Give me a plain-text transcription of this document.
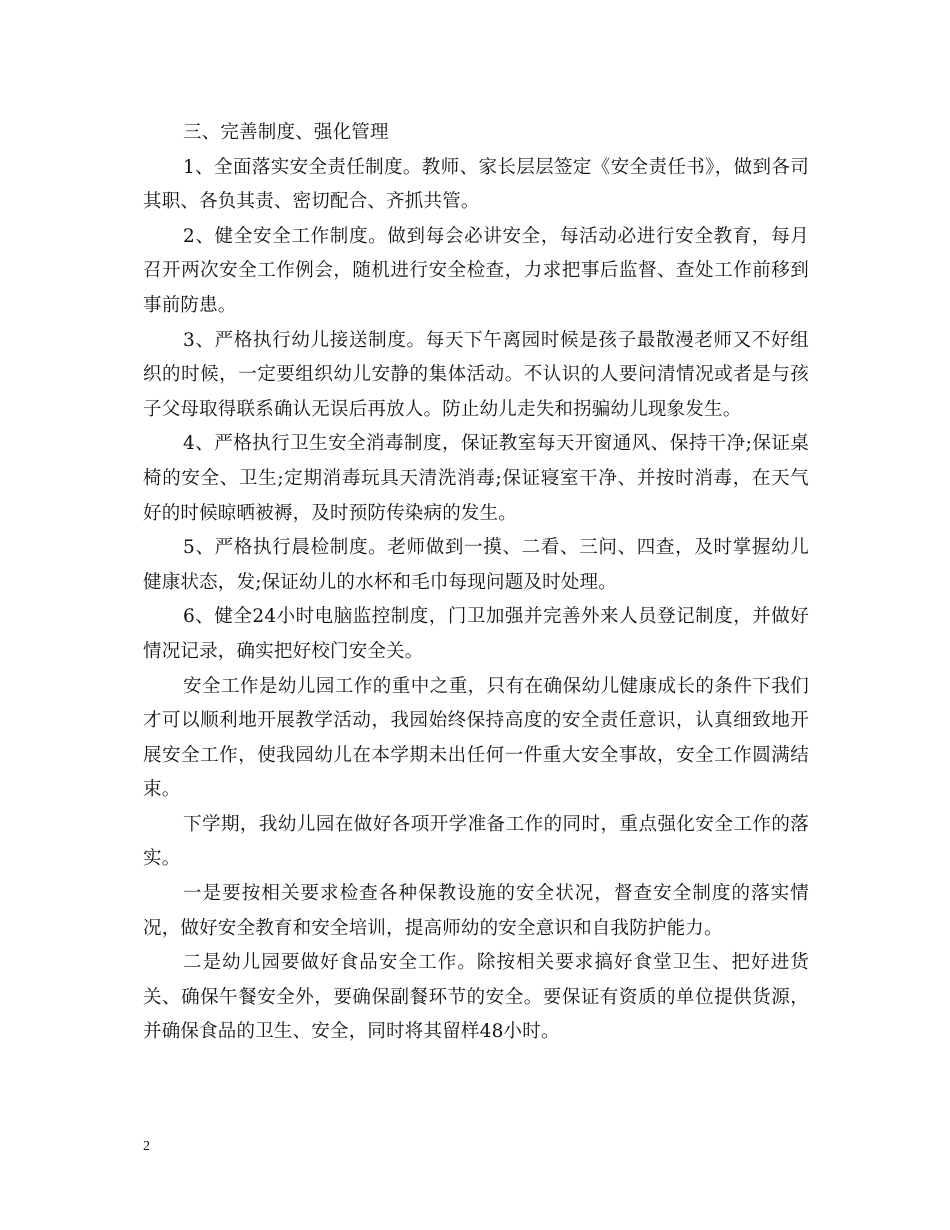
三、完善制度、强化管理

1、全面落实安全责任制度。教师、家长层层签定《安全责任书》，做到各司其职、各负其责、密切配合、齐抓共管。

2、健全安全工作制度。做到每会必讲安全，每活动必进行安全教育，每月召开两次安全工作例会，随机进行安全检查，力求把事后监督、查处工作前移到事前防患。

3、严格执行幼儿接送制度。每天下午离园时候是孩子最散漫老师又不好组织的时候，一定要组织幼儿安静的集体活动。不认识的人要问清情况或者是与孩子父母取得联系确认无误后再放人。防止幼儿走失和拐骗幼儿现象发生。

4、严格执行卫生安全消毒制度，保证教室每天开窗通风、保持干净;保证桌椅的安全、卫生;定期消毒玩具天清洗消毒;保证寝室干净、并按时消毒，在天气好的时候晾晒被褥，及时预防传染病的发生。

5、严格执行晨检制度。老师做到一摸、二看、三问、四查，及时掌握幼儿健康状态，发;保证幼儿的水杯和毛巾每现问题及时处理。

6、健全24小时电脑监控制度，门卫加强并完善外来人员登记制度，并做好情况记录，确实把好校门安全关。

安全工作是幼儿园工作的重中之重，只有在确保幼儿健康成长的条件下我们才可以顺利地开展教学活动，我园始终保持高度的安全责任意识，认真细致地开展安全工作，使我园幼儿在本学期未出任何一件重大安全事故，安全工作圆满结束。

下学期，我幼儿园在做好各项开学准备工作的同时，重点强化安全工作的落实。

一是要按相关要求检查各种保教设施的安全状况，督查安全制度的落实情况，做好安全教育和安全培训，提高师幼的安全意识和自我防护能力。

二是幼儿园要做好食品安全工作。除按相关要求搞好食堂卫生、把好进货关、确保午餐安全外，要确保副餐环节的安全。要保证有资质的单位提供货源，并确保食品的卫生、安全，同时将其留样48小时。

2
